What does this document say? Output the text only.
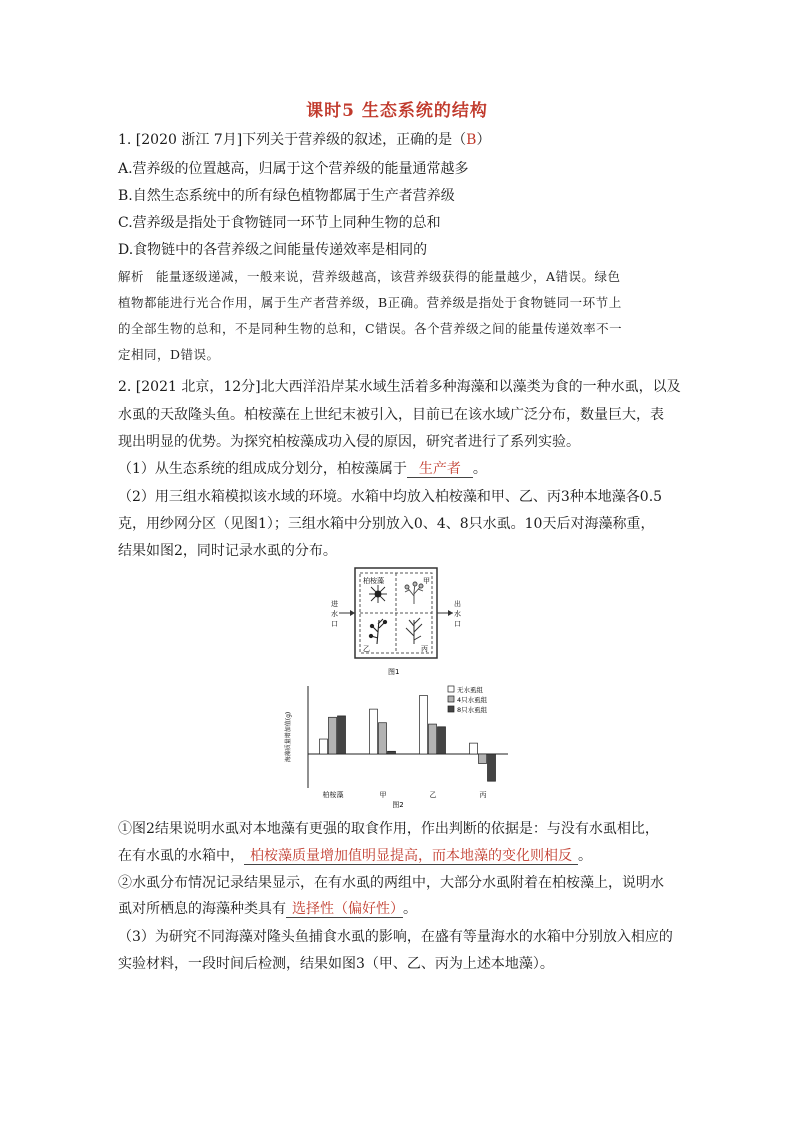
课时5 生态系统的结构
1. [2020 浙江 7月]下列关于营养级的叙述，正确的是（B）
A.营养级的位置越高，归属于这个营养级的能量通常越多
B.自然生态系统中的所有绿色植物都属于生产者营养级
C.营养级是指处于食物链同一环节上同种生物的总和
D.食物链中的各营养级之间能量传递效率是相同的
解析 能量逐级递减，一般来说，营养级越高，该营养级获得的能量越少，A错误。绿色
植物都能进行光合作用，属于生产者营养级，B正确。营养级是指处于食物链同一环节上
的全部生物的总和，不是同种生物的总和，C错误。各个营养级之间的能量传递效率不一
定相同，D错误。
2. [2021 北京，12分]北大西洋沿岸某水域生活着多种海藻和以藻类为食的一种水虱，以及
水虱的天敌隆头鱼。柏桉藻在上世纪末被引入，目前已在该水域广泛分布，数量巨大，表
现出明显的优势。为探究柏桉藻成功入侵的原因，研究者进行了系列实验。
（1）从生态系统的组成成分划分，柏桉藻属于 生产者 。
（2）用三组水箱模拟该水域的环境。水箱中均放入柏桉藻和甲、乙、丙3种本地藻各0.5
克，用纱网分区（见图1）；三组水箱中分别放入0、4、8只水虱。10天后对海藻称重，
结果如图2，同时记录水虱的分布。
柏桉藻	甲
丙
乙
进
水
口
出
水
口
图1
海藻质量增加值(g)
柏桉藻	甲	乙	丙
无水虱组
4只水虱组
8只水虱组
图2
①图2结果说明水虱对本地藻有更强的取食作用，作出判断的依据是：与没有水虱相比，
在有水虱的水箱中， 柏桉藻质量增加值明显提高，而本地藻的变化则相反 。
②水虱分布情况记录结果显示，在有水虱的两组中，大部分水虱附着在柏桉藻上，说明水
虱对所栖息的海藻种类具有 选择性（偏好性） 。
（3）为研究不同海藻对隆头鱼捕食水虱的影响，在盛有等量海水的水箱中分别放入相应的
实验材料，一段时间后检测，结果如图3（甲、乙、丙为上述本地藻）。
